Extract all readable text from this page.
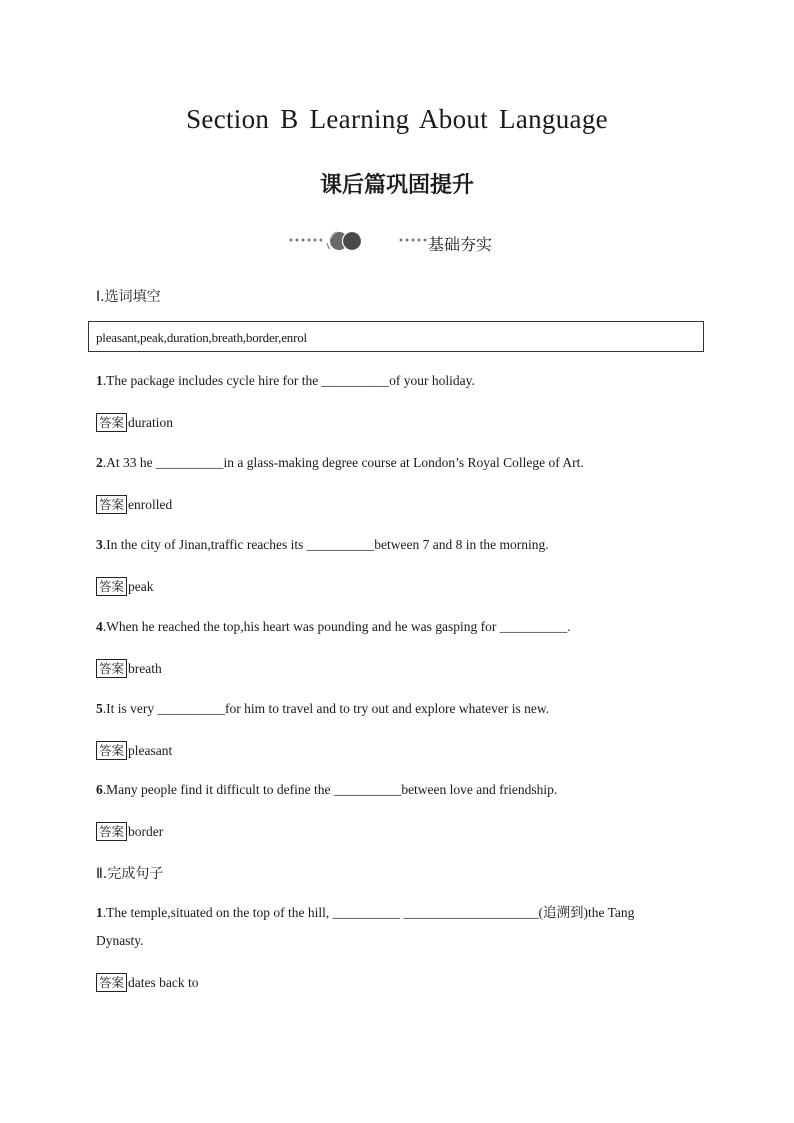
Section B Learning About Language
课后篇巩固提升
基础夯实
Ⅰ.选词填空
pleasant,peak,duration,breath,border,enrol

1.The package includes cycle hire for the __________of your holiday.

答案 duration

2.At 33 he __________in a glass-making degree course at London’s Royal College of Art.

答案 enrolled

3.In the city of Jinan,traffic reaches its __________between 7 and 8 in the morning.

答案 peak

4.When he reached the top,his heart was pounding and he was gasping for __________.

答案 breath

5.It is very __________for him to travel and to try out and explore whatever is new.

答案 pleasant

6.Many people find it difficult to define the __________between love and friendship.

答案 border
Ⅱ.完成句子

1.The temple,situated on the top of the hill, __________ ____________________(追溯到)the Tang Dynasty.

答案 dates back to
